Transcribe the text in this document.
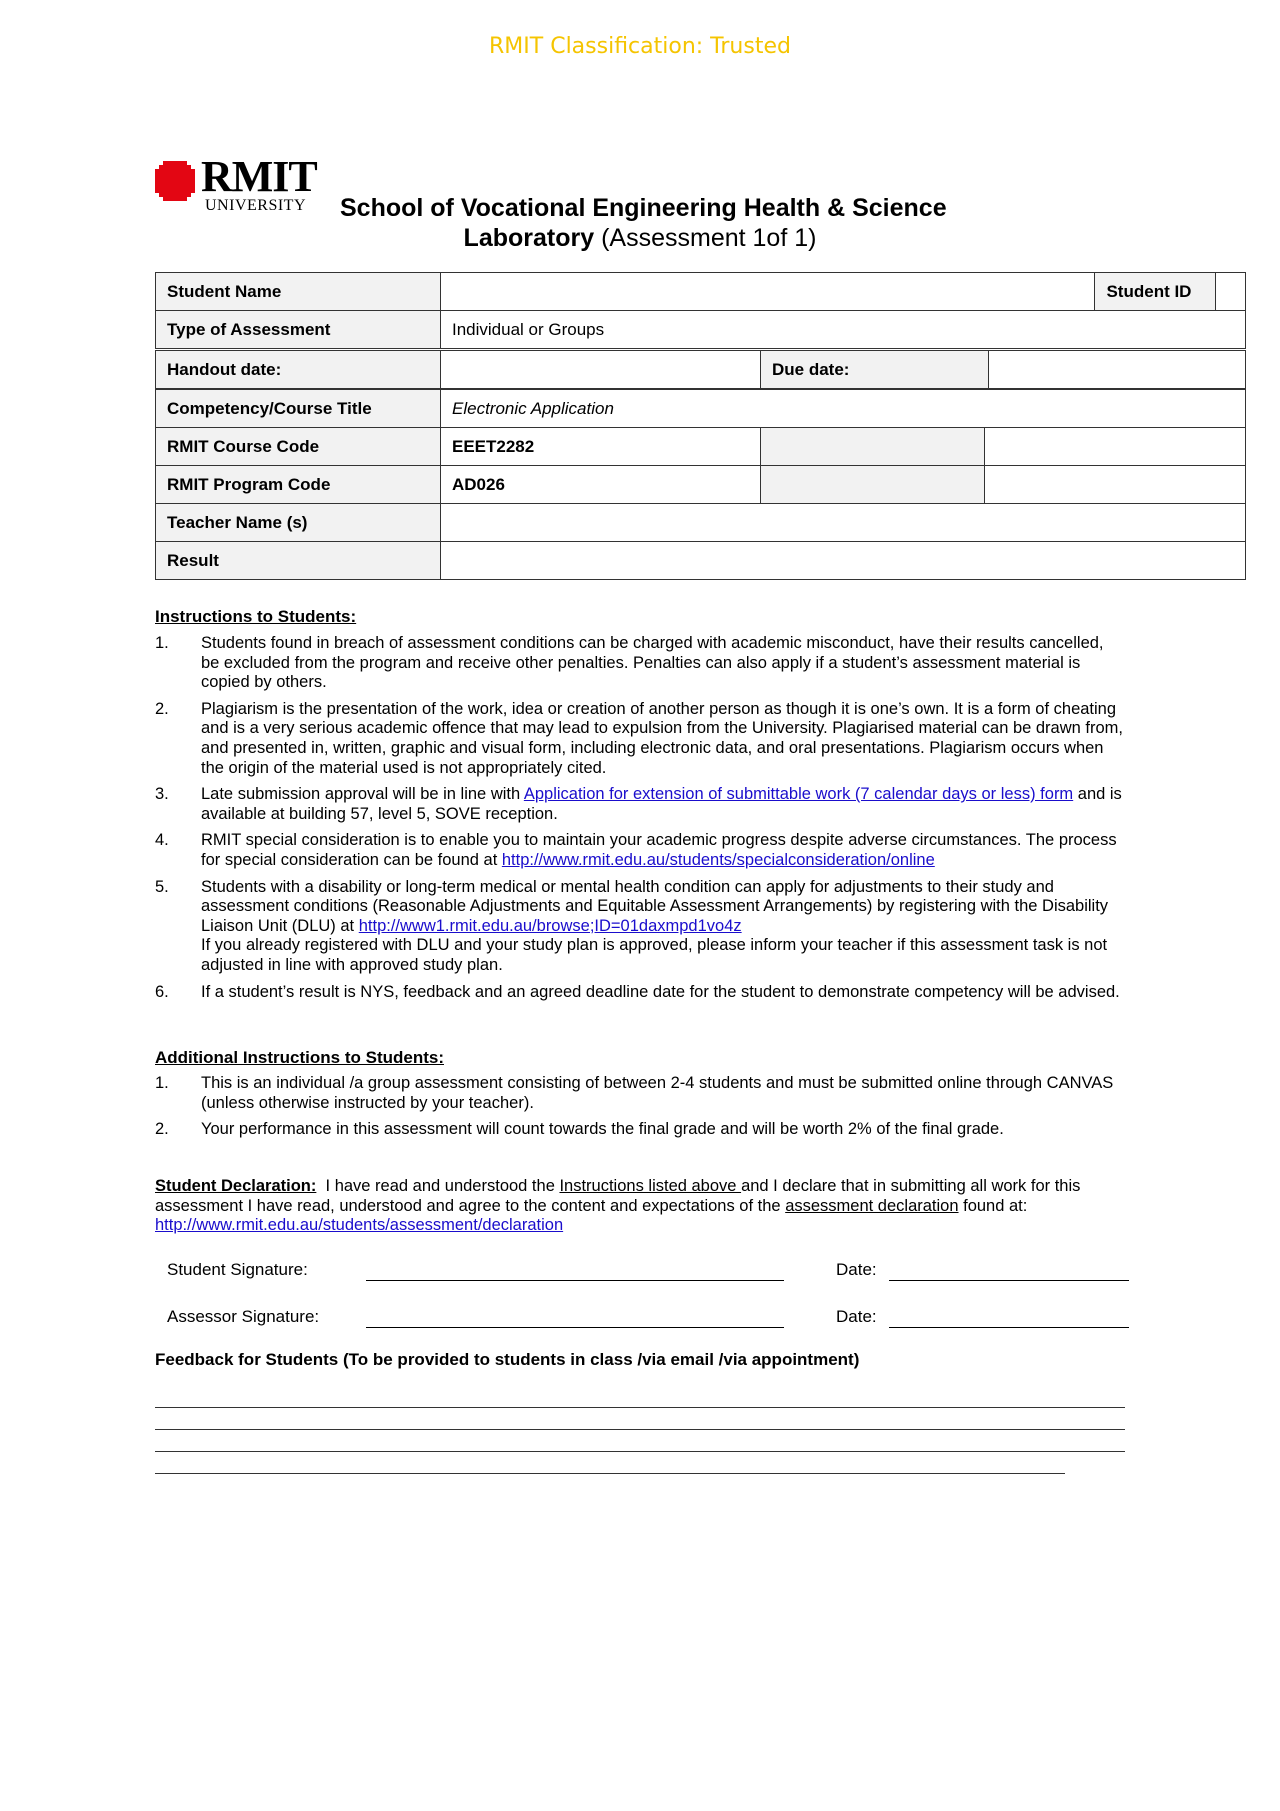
RMIT Classification: Trusted
RMIT
UNIVERSITY School of Vocational Engineering Health & Science
Laboratory (Assessment 1of 1)
Student Name		Student ID	
Type of Assessment	Individual or Groups		
Handout date:		Due date:	
Competency/Course Title	Electronic Application		
RMIT Course Code	EEET2282		
RMIT Program Code	AD026		
Teacher Name (s)			
Result			
Instructions to Students:
1. Students found in breach of assessment conditions can be charged with academic misconduct, have their results cancelled, be excluded from the program and receive other penalties. Penalties can also apply if a student’s assessment material is copied by others.
2. Plagiarism is the presentation of the work, idea or creation of another person as though it is one’s own. It is a form of cheating and is a very serious academic offence that may lead to expulsion from the University. Plagiarised material can be drawn from, and presented in, written, graphic and visual form, including electronic data, and oral presentations. Plagiarism occurs when the origin of the material used is not appropriately cited.
3. Late submission approval will be in line with Application for extension of submittable work (7 calendar days or less) form and is available at building 57, level 5, SOVE reception.
4. RMIT special consideration is to enable you to maintain your academic progress despite adverse circumstances. The process for special consideration can be found at http://www.rmit.edu.au/students/specialconsideration/online
5. Students with a disability or long-term medical or mental health condition can apply for adjustments to their study and assessment conditions (Reasonable Adjustments and Equitable Assessment Arrangements) by registering with the Disability Liaison Unit (DLU) at http://www1.rmit.edu.au/browse;ID=01daxmpd1vo4z
If you already registered with DLU and your study plan is approved, please inform your teacher if this assessment task is not adjusted in line with approved study plan.
6. If a student’s result is NYS, feedback and an agreed deadline date for the student to demonstrate competency will be advised.
Additional Instructions to Students:
1. This is an individual /a group assessment consisting of between 2-4 students and must be submitted online through CANVAS (unless otherwise instructed by your teacher).
2. Your performance in this assessment will count towards the final grade and will be worth 2% of the final grade.
Student Declaration:  I have read and understood the Instructions listed above and I declare that in submitting all work for this assessment I have read, understood and agree to the content and expectations of the assessment declaration found at: http://www.rmit.edu.au/students/assessment/declaration
Student Signature:	Date:
Assessor Signature:	Date:
Feedback for Students (To be provided to students in class /via email /via appointment)
